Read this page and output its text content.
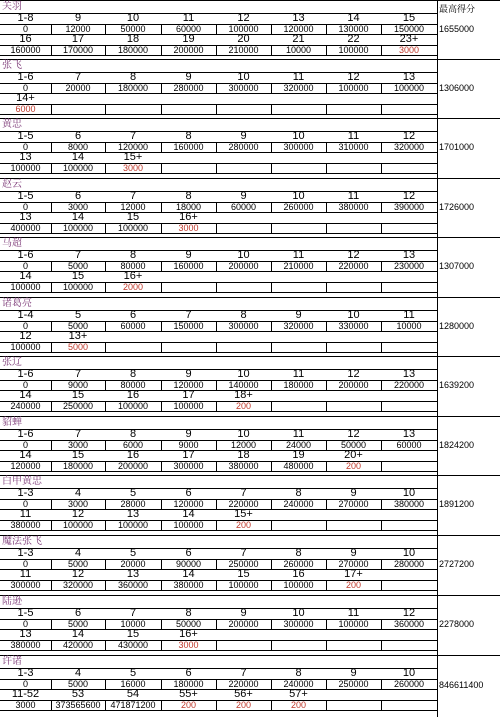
最高得分
关羽
1-8	9	10	11	12	13	14	15
0	12000	50000	60000	100000	120000	130000	150000
16	17	18	19	20	21	22	23+
160000	170000	180000	200000	210000	10000	100000	3000
1655000
张飞
1-6	7	8	9	10	11	12	13
0	20000	180000	280000	300000	320000	100000	100000
14+
6000
1306000
黄忠
1-5	6	7	8	9	10	11	12
0	8000	120000	160000	280000	300000	310000	320000
13	14	15+
100000	100000	3000
1701000
赵云
1-5	6	7	8	9	10	11	12
0	3000	12000	18000	60000	260000	380000	390000
13	14	15	16+
400000	100000	100000	3000
1726000
马超
1-6	7	8	9	10	11	12	13
0	5000	80000	160000	200000	210000	220000	230000
14	15	16+
100000	100000	2000
1307000
诸葛亮
1-4	5	6	7	8	9	10	11
0	5000	60000	150000	300000	320000	330000	10000
12	13+
100000	5000
1280000
张辽
1-6	7	8	9	10	11	12	13
0	9000	80000	120000	140000	180000	200000	220000
14	15	16	17	18+
240000	250000	100000	100000	200
1639200
貂蝉
1-6	7	8	9	10	11	12	13
0	3000	6000	9000	12000	24000	50000	60000
14	15	16	17	18	19	20+
120000	180000	200000	300000	380000	480000	200
1824200
白甲黄忠
1-3	4	5	6	7	8	9	10
0	3000	28000	120000	220000	240000	270000	380000
11	12	13	14	15+
380000	100000	100000	100000	200
1891200
魔法张飞
1-3	4	5	6	7	8	9	10
0	5000	20000	90000	250000	260000	270000	280000
11	12	13	14	15	16	17+
300000	320000	360000	380000	100000	100000	200
2727200
陆逊
1-5	6	7	8	9	10	11	12
0	5000	10000	50000	200000	300000	100000	360000
13	14	15	16+
380000	420000	430000	3000
2278000
许诸
1-3	4	5	6	7	8	9	10
0	5000	16000	180000	220000	240000	250000	260000
11-52	53	54	55+	56+	57+
3000	373565600	471871200	200	200	200
846611400
